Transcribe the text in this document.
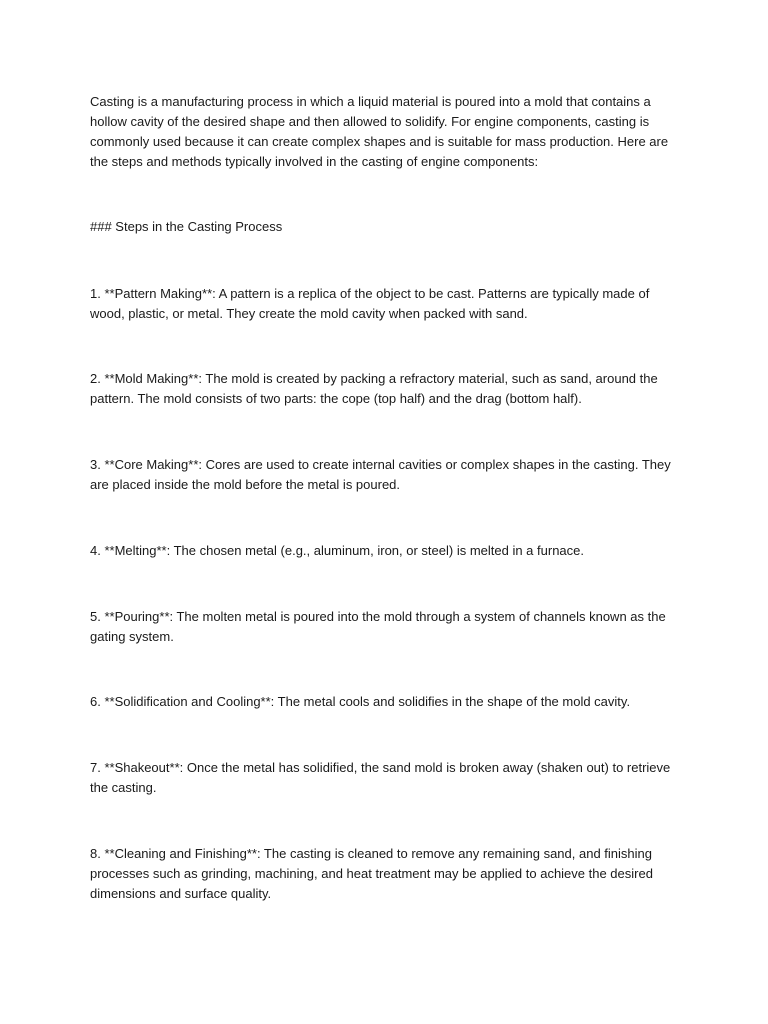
Casting is a manufacturing process in which a liquid material is poured into a mold that contains a hollow cavity of the desired shape and then allowed to solidify. For engine components, casting is commonly used because it can create complex shapes and is suitable for mass production. Here are the steps and methods typically involved in the casting of engine components:

### Steps in the Casting Process

1. **Pattern Making**: A pattern is a replica of the object to be cast. Patterns are typically made of wood, plastic, or metal. They create the mold cavity when packed with sand.

2. **Mold Making**: The mold is created by packing a refractory material, such as sand, around the pattern. The mold consists of two parts: the cope (top half) and the drag (bottom half).

3. **Core Making**: Cores are used to create internal cavities or complex shapes in the casting. They are placed inside the mold before the metal is poured.

4. **Melting**: The chosen metal (e.g., aluminum, iron, or steel) is melted in a furnace.

5. **Pouring**: The molten metal is poured into the mold through a system of channels known as the gating system.

6. **Solidification and Cooling**: The metal cools and solidifies in the shape of the mold cavity.

7. **Shakeout**: Once the metal has solidified, the sand mold is broken away (shaken out) to retrieve the casting.

8. **Cleaning and Finishing**: The casting is cleaned to remove any remaining sand, and finishing processes such as grinding, machining, and heat treatment may be applied to achieve the desired dimensions and surface quality.
